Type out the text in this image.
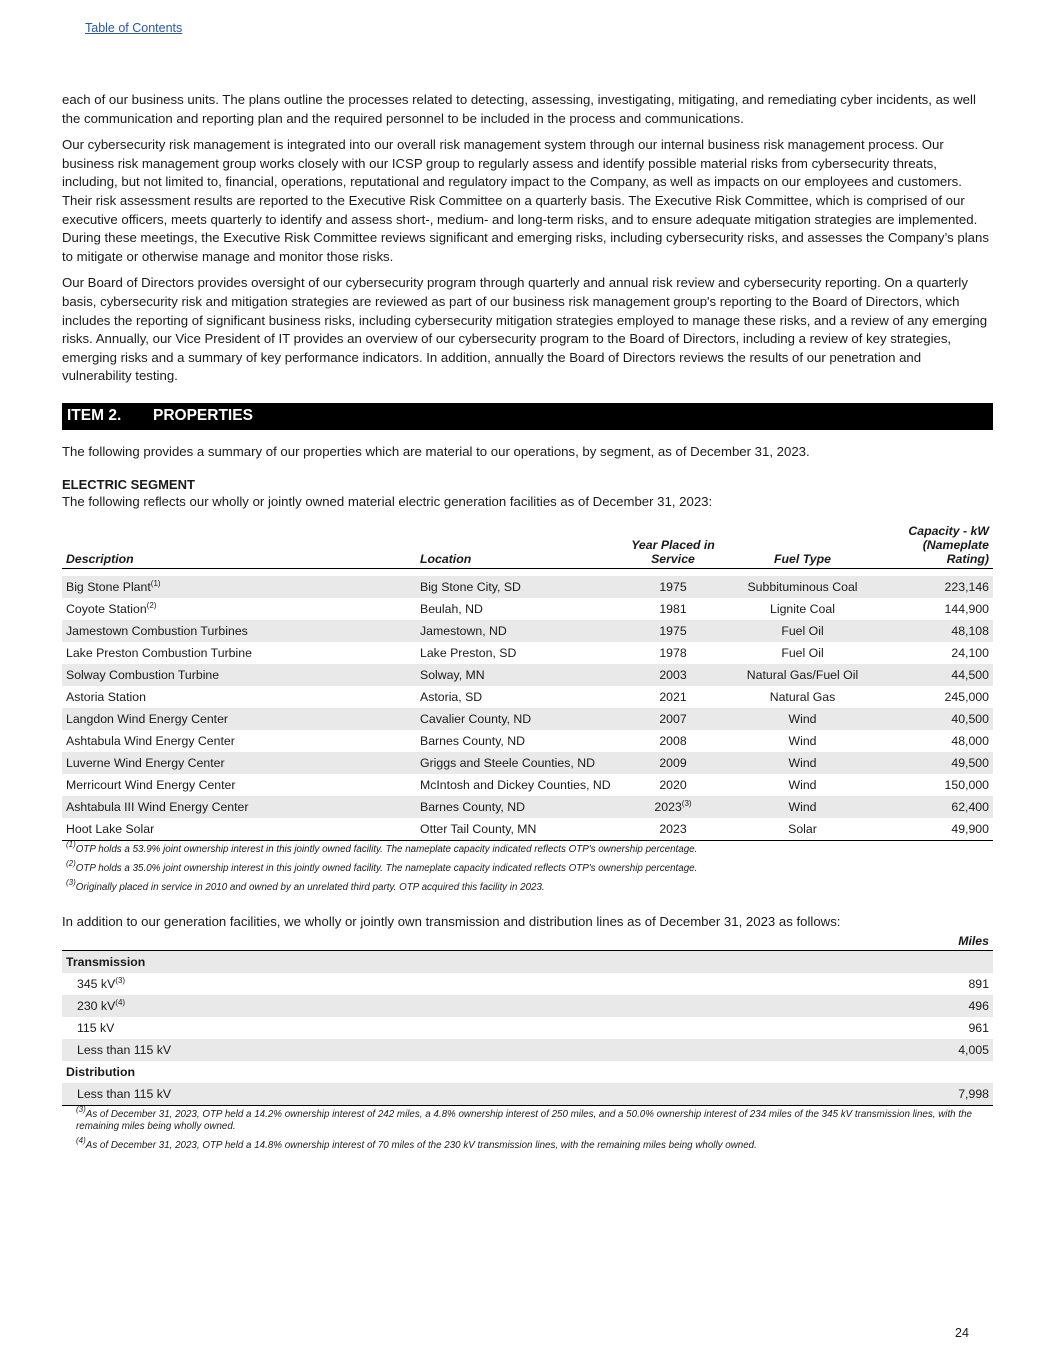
Table of Contents

each of our business units. The plans outline the processes related to detecting, assessing, investigating, mitigating, and remediating cyber incidents, as well the communication and reporting plan and the required personnel to be included in the process and communications.

Our cybersecurity risk management is integrated into our overall risk management system through our internal business risk management process. Our business risk management group works closely with our ICSP group to regularly assess and identify possible material risks from cybersecurity threats, including, but not limited to, financial, operations, reputational and regulatory impact to the Company, as well as impacts on our employees and customers. Their risk assessment results are reported to the Executive Risk Committee on a quarterly basis. The Executive Risk Committee, which is comprised of our executive officers, meets quarterly to identify and assess short-, medium- and long-term risks, and to ensure adequate mitigation strategies are implemented. During these meetings, the Executive Risk Committee reviews significant and emerging risks, including cybersecurity risks, and assesses the Company’s plans to mitigate or otherwise manage and monitor those risks.

Our Board of Directors provides oversight of our cybersecurity program through quarterly and annual risk review and cybersecurity reporting. On a quarterly basis, cybersecurity risk and mitigation strategies are reviewed as part of our business risk management group's reporting to the Board of Directors, which includes the reporting of significant business risks, including cybersecurity mitigation strategies employed to manage these risks, and a review of any emerging risks. Annually, our Vice President of IT provides an overview of our cybersecurity program to the Board of Directors, including a review of key strategies, emerging risks and a summary of key performance indicators. In addition, annually the Board of Directors reviews the results of our penetration and vulnerability testing.

ITEM 2.	PROPERTIES

The following provides a summary of our properties which are material to our operations, by segment, as of December 31, 2023.

ELECTRIC SEGMENT
The following reflects our wholly or jointly owned material electric generation facilities as of December 31, 2023:
Description	Location	Year Placed in Service	Fuel Type	Capacity - kW
(Nameplate Rating)

Big Stone Plant$^{(1)}$	Big Stone City, SD	1975	Subbituminous Coal	223,146
Coyote Station$^{(2)}$	Beulah, ND	1981	Lignite Coal	144,900
Jamestown Combustion Turbines	Jamestown, ND	1975	Fuel Oil	48,108
Lake Preston Combustion Turbine	Lake Preston, SD	1978	Fuel Oil	24,100
Solway Combustion Turbine	Solway, MN	2003	Natural Gas/Fuel Oil	44,500
Astoria Station	Astoria, SD	2021	Natural Gas	245,000
Langdon Wind Energy Center	Cavalier County, ND	2007	Wind	40,500
Ashtabula Wind Energy Center	Barnes County, ND	2008	Wind	48,000
Luverne Wind Energy Center	Griggs and Steele Counties, ND	2009	Wind	49,500
Merricourt Wind Energy Center	McIntosh and Dickey Counties, ND	2020	Wind	150,000
Ashtabula III Wind Energy Center	Barnes County, ND	2023$^{(3)}$	Wind	62,400
Hoot Lake Solar	Otter Tail County, MN	2023	Solar	49,900
$^{(1)}$OTP holds a 53.9% joint ownership interest in this jointly owned facility. The nameplate capacity indicated reflects OTP's ownership percentage.
$^{(2)}$OTP holds a 35.0% joint ownership interest in this jointly owned facility. The nameplate capacity indicated reflects OTP's ownership percentage.
$^{(3)}$Originally placed in service in 2010 and owned by an unrelated third party. OTP acquired this facility in 2023.
In addition to our generation facilities, we wholly or jointly own transmission and distribution lines as of December 31, 2023 as follows:
	Miles
Transmission	
345 $kV^{(3)}$	891
230 $kV^{(4)}$	496
115 kV	961
Less than 115 kV	4,005
Distribution	
Less than 115 kV	7,998
$^{(3)}$As of December 31, 2023, OTP held a 14.2% ownership interest of 242 miles, a 4.8% ownership interest of 250 miles, and a 50.0% ownership interest of 234 miles of the 345 kV transmission lines, with the remaining miles being wholly owned.
$^{(4)}$As of December 31, 2023, OTP held a 14.8% ownership interest of 70 miles of the 230 kV transmission lines, with the remaining miles being wholly owned.
24
